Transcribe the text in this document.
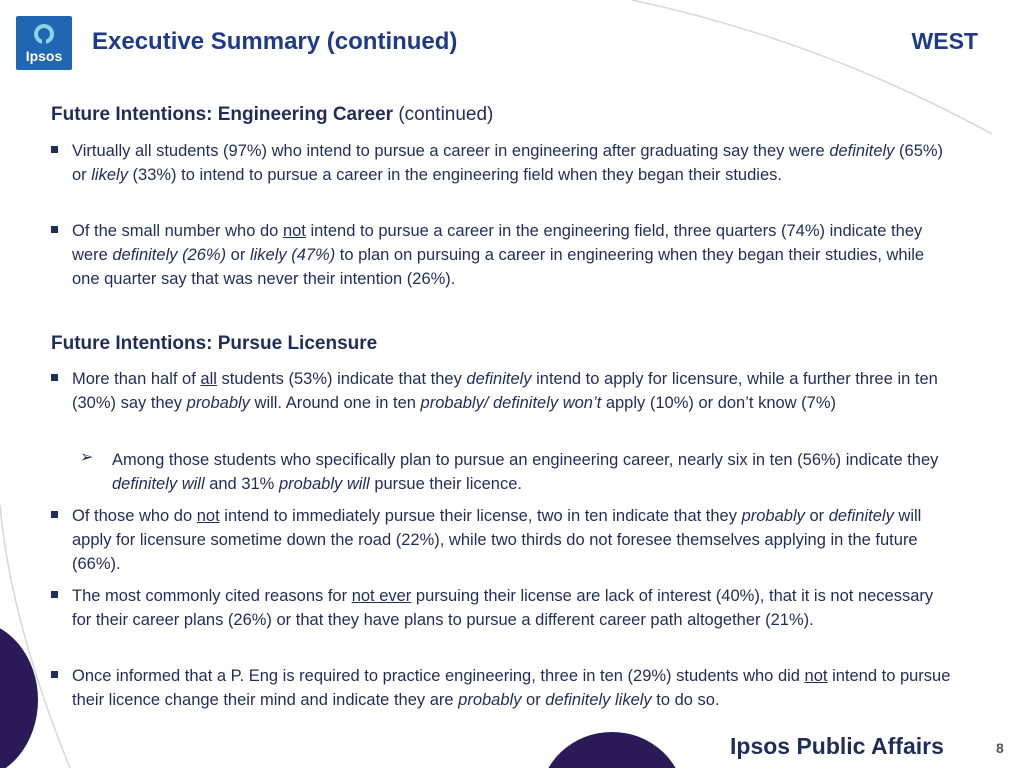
Ipsos
Executive Summary (continued)	WEST
Future Intentions: Engineering Career (continued)
Virtually all students (97%) who intend to pursue a career in engineering after graduating say they were definitely (65%) or likely (33%) to intend to pursue a career in the engineering field when they began their studies.
Of the small number who do not intend to pursue a career in the engineering field, three quarters (74%) indicate they were definitely (26%) or likely (47%) to plan on pursuing a career in engineering when they began their studies, while one quarter say that was never their intention (26%).
Future Intentions: Pursue Licensure
More than half of all students (53%) indicate that they definitely intend to apply for licensure, while a further three in ten (30%) say they probably will. Around one in ten probably/ definitely won’t apply (10%) or don’t know (7%)
➢ Among those students who specifically plan to pursue an engineering career, nearly six in ten (56%) indicate they definitely will and 31% probably will pursue their licence.
Of those who do not intend to immediately pursue their license, two in ten indicate that they probably or definitely will apply for licensure sometime down the road (22%), while two thirds do not foresee themselves applying in the future (66%).
The most commonly cited reasons for not ever pursuing their license are lack of interest (40%), that it is not necessary for their career plans (26%) or that they have plans to pursue a different career path altogether (21%).
Once informed that a P. Eng is required to practice engineering, three in ten (29%) students who did not intend to pursue their licence change their mind and indicate they are probably or definitely likely to do so.
Ipsos Public Affairs	8
